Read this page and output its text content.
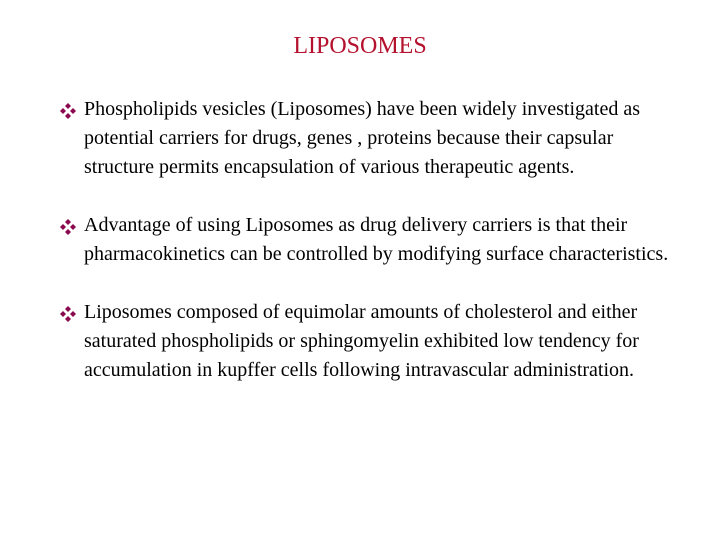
LIPOSOMES
Phospholipids vesicles (Liposomes) have been widely investigated as potential carriers for drugs, genes , proteins because their capsular structure permits encapsulation of various therapeutic agents.
Advantage of using Liposomes as drug delivery carriers is that their pharmacokinetics can be controlled by modifying surface characteristics.
Liposomes composed of equimolar amounts of cholesterol and either saturated phospholipids or sphingomyelin exhibited low tendency for accumulation in kupffer cells following intravascular administration.
